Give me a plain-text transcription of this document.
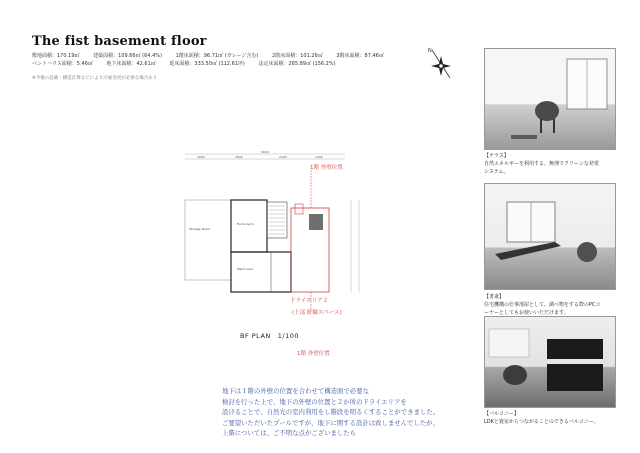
The fist basement floor
敷地面積：170.19㎡	建築面積：109.66㎡ (64.4%)	1階床面積：96.71㎡ (ガレージ含む)	2階床面積：101.26㎡	3階床面積：87.46㎡
ペントハウス面積：5.46㎡	地下床面積：42.61㎡	延床面積：333.50㎡ (112.61坪)	法定床面積：265.89㎡ (156.2%)
※今後の設備・構造計算などにより計画変更が必要な場合あり
N
9000
1800	3600	2400	1200
Storage Room
Plant room
Home Gym
1階 外壁位置
ドライエリア２
(上部 駐輪スペース)
1階 外壁位置
BF PLAN　1/100

地下は１階の外壁の位置を合わせて構造面で必要な

検討を行った上で、地下の外壁の位置と２か所のドライエリアを

設けることで、自然光の室内利用をし階段を明るくすることができました。

ご要望いただいたプールですが、地下に関する設計は致しませんでしたが、

上階については、ご不明な点がございましたら

【テラス】
自然エネルギーを利用する、無理でクリーンな発電
システム。
【書斎】
住宅機構の仕事部屋として、調べ物をする際のPCコ
ーナーとしてもお使いいただけます。
【バルコニー】
LDKと寝室からつながることのできるバルコニー。
